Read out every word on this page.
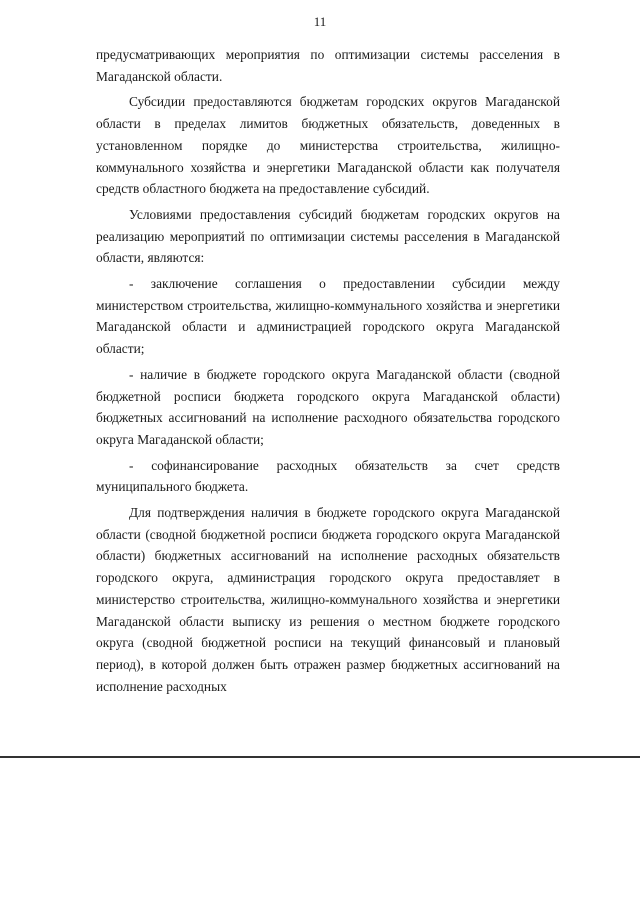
11

предусматривающих мероприятия по оптимизации системы расселения в Магаданской области.

Субсидии предоставляются бюджетам городских округов Магаданской области в пределах лимитов бюджетных обязательств, доведенных в установленном порядке до министерства строительства, жилищно-коммунального хозяйства и энергетики Магаданской области как получателя средств областного бюджета на предоставление субсидий.

Условиями предоставления субсидий бюджетам городских округов на реализацию мероприятий по оптимизации системы расселения в Магаданской области, являются:

- заключение соглашения о предоставлении субсидии между министерством строительства, жилищно-коммунального хозяйства и энергетики Магаданской области и администрацией городского округа Магаданской области;

- наличие в бюджете городского округа Магаданской области (сводной бюджетной росписи бюджета городского округа Магаданской области) бюджетных ассигнований на исполнение расходного обязательства городского округа Магаданской области;

- софинансирование расходных обязательств за счет средств муниципального бюджета.

Для подтверждения наличия в бюджете городского округа Магаданской области (сводной бюджетной росписи бюджета городского округа Магаданской области) бюджетных ассигнований на исполнение расходных обязательств городского округа, администрация городского округа предоставляет в министерство строительства, жилищно-коммунального хозяйства и энергетики Магаданской области выписку из решения о местном бюджете городского округа (сводной бюджетной росписи на текущий финансовый и плановый период), в которой должен быть отражен размер бюджетных ассигнований на исполнение расходных
